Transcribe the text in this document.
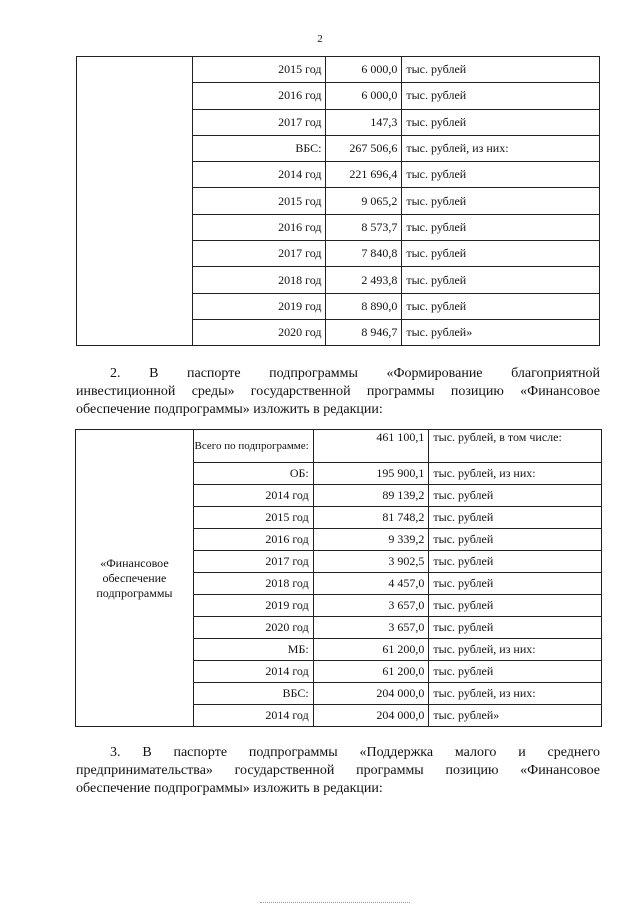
2
	2015 год	6 000,0	тыс. рублей
	2016 год	6 000,0	тыс. рублей
	2017 год	147,3	тыс. рублей
	ВБС:	267 506,6	тыс. рублей, из них:
	2014 год	221 696,4	тыс. рублей
	2015 год	9 065,2	тыс. рублей
	2016 год	8 573,7	тыс. рублей
	2017 год	7 840,8	тыс. рублей
	2018 год	2 493,8	тыс. рублей
	2019 год	8 890,0	тыс. рублей
	2020 год	8 946,7	тыс. рублей»
2. В паспорте подпрограммы «Формирование благоприятной
инвестиционной среды» государственной программы позицию «Финансовое
обеспечение подпрограммы» изложить в редакции:
«Финансовое обеспечение подпрограммы	Всего по подпрограмме:	461 100,1	тыс. рублей, в том числе:
	ОБ:	195 900,1	тыс. рублей, из них:
	2014 год	89 139,2	тыс. рублей
	2015 год	81 748,2	тыс. рублей
	2016 год	9 339,2	тыс. рублей
	2017 год	3 902,5	тыс. рублей
	2018 год	4 457,0	тыс. рублей
	2019 год	3 657,0	тыс. рублей
	2020 год	3 657,0	тыс. рублей
	МБ:	61 200,0	тыс. рублей, из них:
	2014 год	61 200,0	тыс. рублей
	ВБС:	204 000,0	тыс. рублей, из них:
	2014 год	204 000,0	тыс. рублей»
3. В паспорте подпрограммы «Поддержка малого и среднего
предпринимательства» государственной программы позицию «Финансовое
обеспечение подпрограммы» изложить в редакции:
